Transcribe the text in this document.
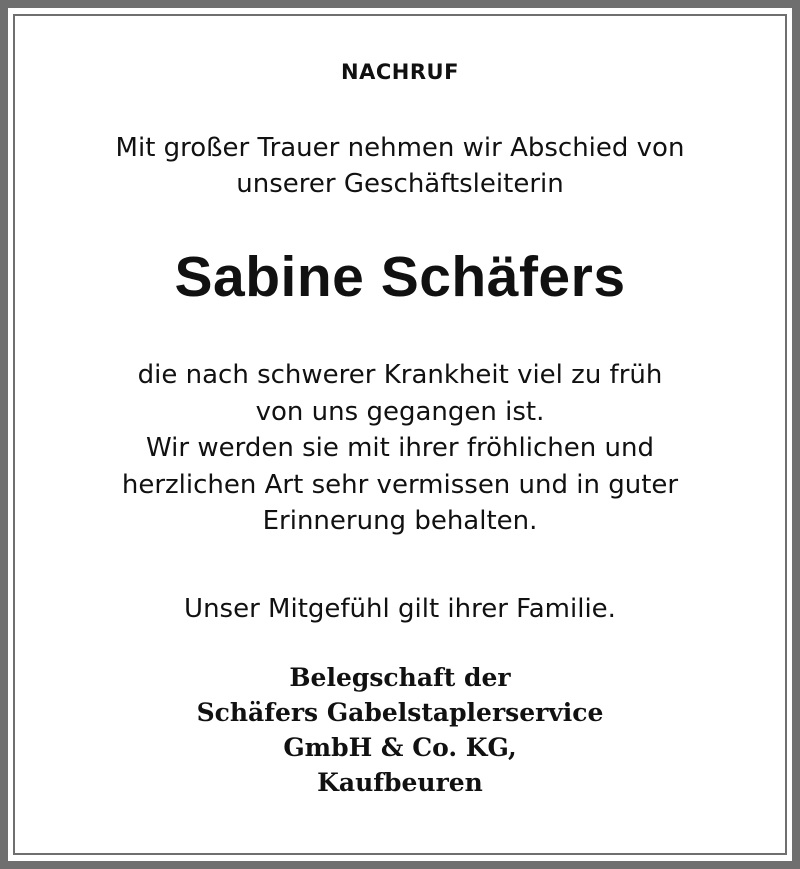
NACHRUF
Mit großer Trauer nehmen wir Abschied von
unserer Geschäftsleiterin
Sabine Schäfers
die nach schwerer Krankheit viel zu früh
von uns gegangen ist.
Wir werden sie mit ihrer fröhlichen und
herzlichen Art sehr vermissen und in guter
Erinnerung behalten.
Unser Mitgefühl gilt ihrer Familie.
Belegschaft der
Schäfers Gabelstaplerservice
GmbH & Co. KG,
Kaufbeuren
